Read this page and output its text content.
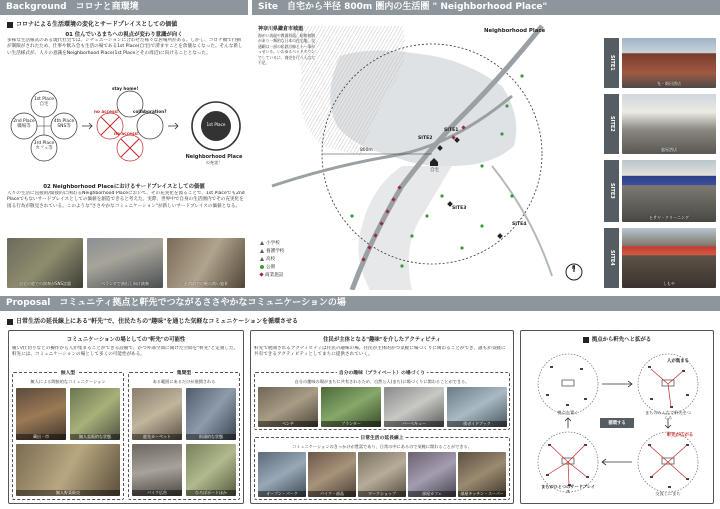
Background　コロナと商環境
コロナによる生活環境の変化とサードプレイスとしての価値
01 住んでいるまちへの視点が変わり意識が向く
多様な生活様式のある現代社会では、シチュエーションに合わせた様々な居場所がある。しかし、コロナ禍で行動が制限がされたため、仕事や飲み会も生活の場である1st Place(自宅)で済ますことを余儀なくなった。そんな新しい生活様式が、人々の意識をNeighborhood Place(1st Placeとその周辺)に向けることとなった。
1st Place
自宅
2nd Place
職場等
4th Place
SNS等
3rd Place
カフェ等
stay home!
no access!	collaboration?
no access!
1st Place
Neighborhood Place
の充実！
02 Neighborhood Placeにおけるサードプレイスとしての価値
人々の生活に直接的/間接的に関わるNeighborhood Placeにおいて、その充実化を図ることで、1st Placeでも2nd Placeでもないサードプレイスとしての価値を創造できると考えた。実際、世界中で自身の生活圏内でその充実化を図る行為が散見されている。このような"ささやかなコミュニケーション"が新しいサードプレイスの価値となる。
自宅の庭での演奏がSNS話題	ベランダで演出し向け演奏	玄関前での軽の商い風景
Site　自宅から半径 800m 圏内の生活圏 " Neighborhood Place"
神奈川県鎌倉市城廻
海がい表現や教満斜面、昭和初期があり一類的な日本の住宅地。交通網は一部の私鉄沿線とトー事がっせいる。いわゆるベッドタウンでしているに、商売を行う人は大不足、
Neighborhood Place
800m
自宅
SITE1
SITE2
SITE3
SITE4
N
小学校
養護学校
高校
公園
商業施設
SITE1
SITE2
SITE3
SITE4
先・畑田酒店
風屋酒店
ヒサヤ・クリーニング
しもや
Proposal　コミュニティ拠点と軒先でつながるささやかなコミュニケーションの場
日常生活の延長線上にある"軒先"で、住民たちの"趣味"を通じた気軽なコミュニケーションを循環させる
コミュニケーションの場としての"軒先"の可能性
履い/仕切りなどの操作から人が集まることができる設備で、かつ外部空間に開けた空間を"軒先"と定義した。軒先には、コミュニケーションの場として多くの可能性がある。
無人型
無人による間接的なコミュニケーション
集間型
ある範囲にあるだけが展開される
蔵出・市	無人直販的な状態
無人野菜販売
庭先カーペット	街頭的な状態
バイク広告	ひろばポートほか
住民が主体となる"趣味"を介したアクティビティ
軒先で展開されるアクティビティは住民の趣味の場。住民が主体的かつ気軽に場づくりに関わることができ、誰もが気軽に共有できるアクティビティとしてまちに提供されていく。
自分の趣味（プライベート）の場づくり
自分の趣味の場がまちに共有されるため、自然と人(まち)に場づくりに関わることができる。
ベンチ	プランター	バーベキュー	街ガイドブック
日常生活の延長線上
コミュニケーションのきっかけが豊富であり、日常の中にあるので気軽に関わることができる。
オープン・パーク	バイク・部品	ワークショップ	部屋カフェ	部屋キッチン・スーパー
拠点から軒先へと拡がる
拠点を置く
人が集まる
まちのみんなで軒先をつくる
循環する
まちがひとつのサードプレイス
軒先が広がる
交流しにまち
